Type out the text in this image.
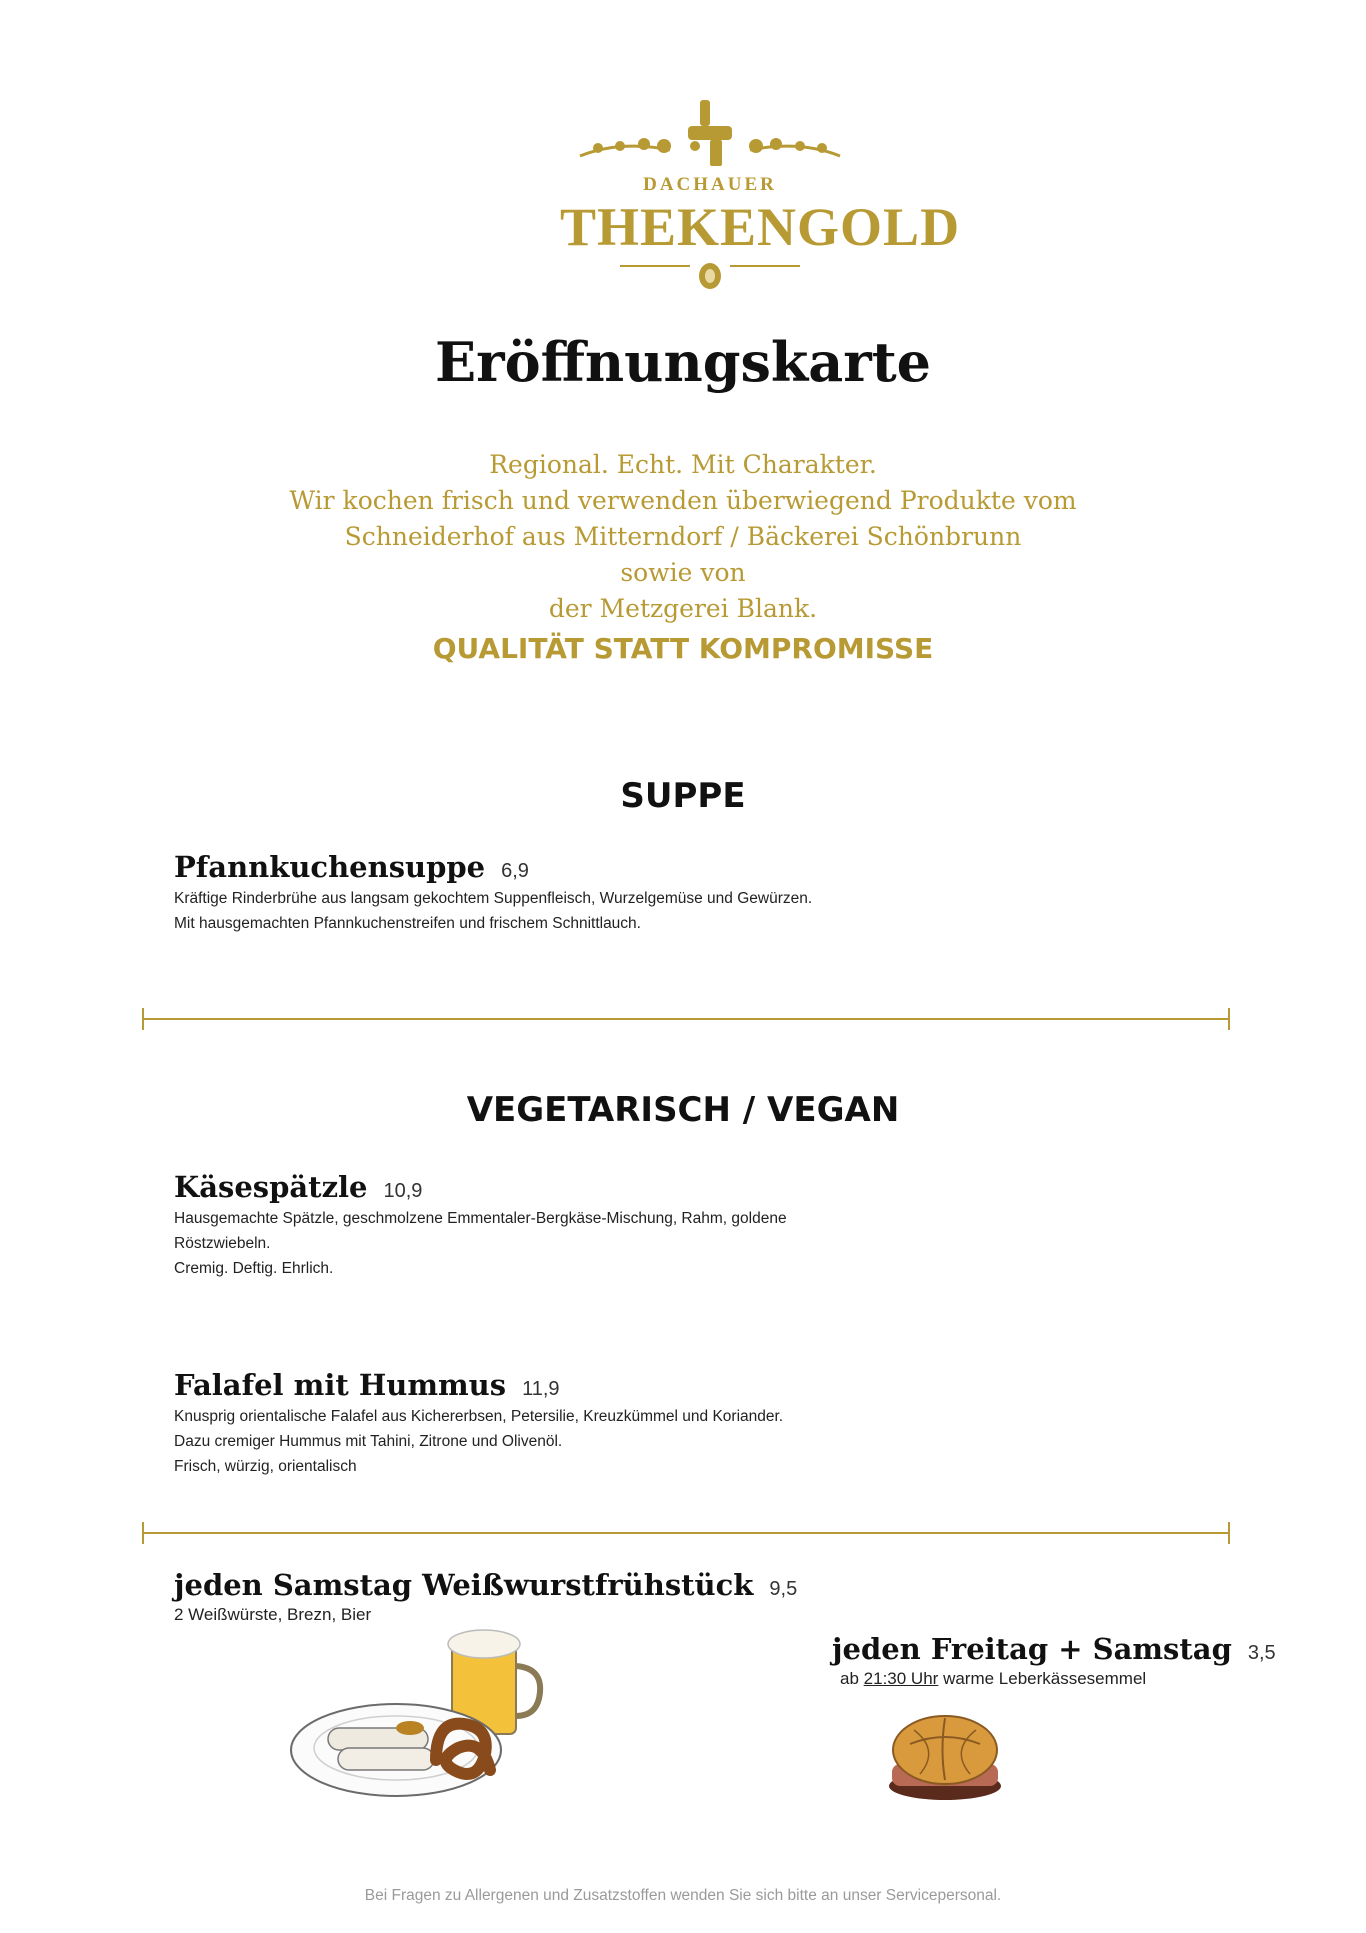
DACHAUER
THEKENGOLD
Eröffnungskarte
Regional. Echt. Mit Charakter.
Wir kochen frisch und verwenden überwiegend Produkte vom
Schneiderhof aus Mitterndorf / Bäckerei Schönbrunn
sowie von
der Metzgerei Blank.
QUALITÄT STATT KOMPROMISSE
SUPPE
Pfannkuchensuppe 6,9
Kräftige Rinderbrühe aus langsam gekochtem Suppenfleisch, Wurzelgemüse und Gewürzen.
Mit hausgemachten Pfannkuchenstreifen und frischem Schnittlauch.
VEGETARISCH / VEGAN
Käsespätzle 10,9
Hausgemachte Spätzle, geschmolzene Emmentaler-Bergkäse-Mischung, Rahm, goldene
Röstzwiebeln.
Cremig. Deftig. Ehrlich.
Falafel mit Hummus 11,9
Knusprig orientalische Falafel aus Kichererbsen, Petersilie, Kreuzkümmel und Koriander.
Dazu cremiger Hummus mit Tahini, Zitrone und Olivenöl.
Frisch, würzig, orientalisch
jeden Samstag Weißwurstfrühstück 9,5
2 Weißwürste, Brezn, Bier
jeden Freitag + Samstag 3,5
ab 21:30 Uhr warme Leberkässesemmel
Bei Fragen zu Allergenen und Zusatzstoffen wenden Sie sich bitte an unser Servicepersonal.
